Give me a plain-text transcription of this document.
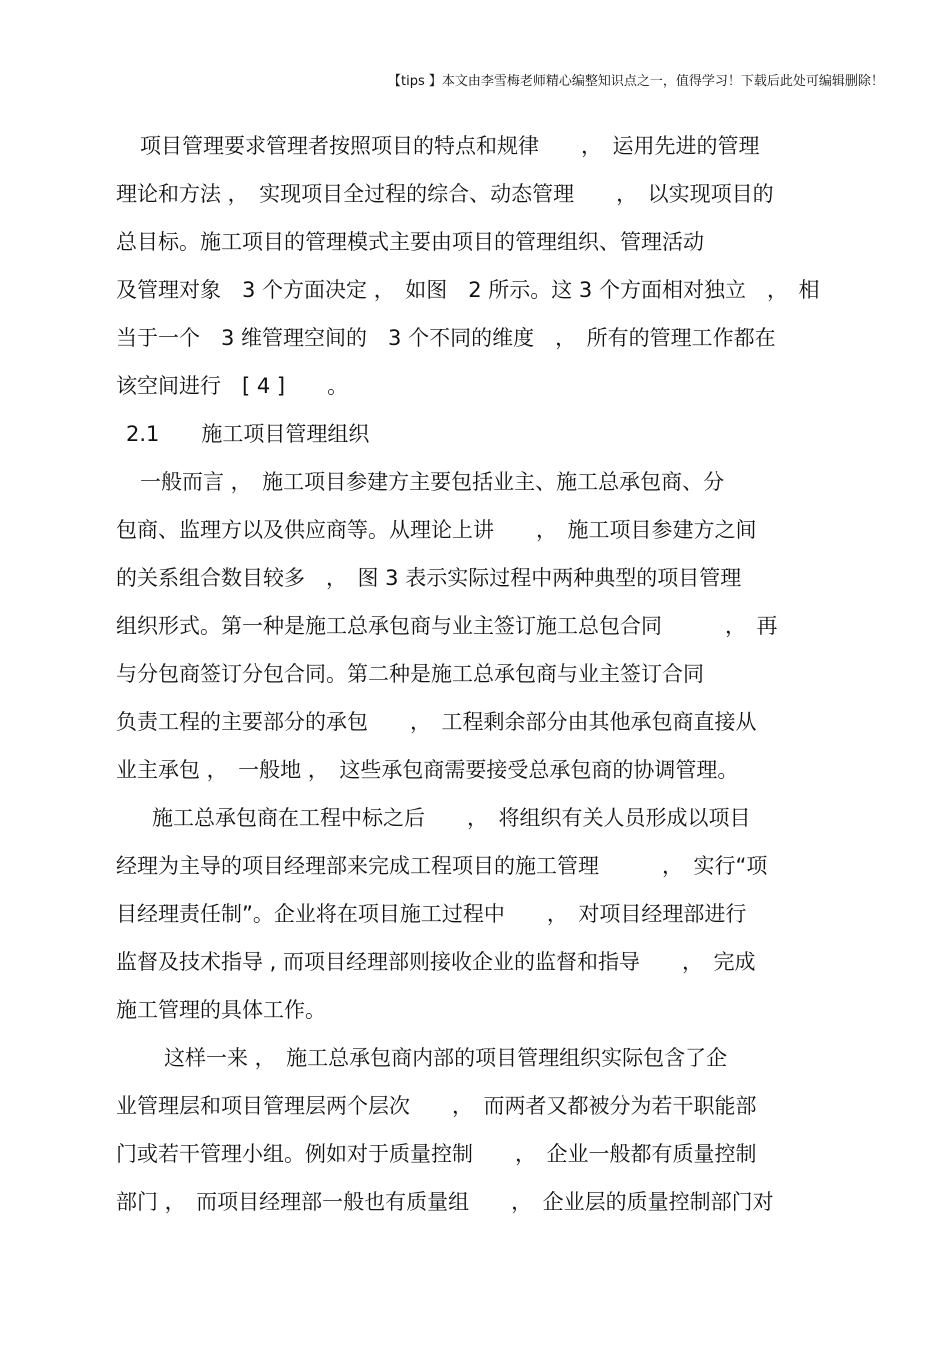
【tips 】本文由李雪梅老师精心编整知识点之一，值得学习！下载后此处可编辑删除！
项目管理要求管理者按照项目的特点和规律　　，　运用先进的管理
理论和方法 ，　实现项目全过程的综合、动态管理　　，　以实现项目的
总目标。施工项目的管理模式主要由项目的管理组织、管理活动
及管理对象　3 个方面决定 ，　如图　2 所示。这 3 个方面相对独立　，　相
当于一个　3 维管理空间的　3 个不同的维度　，　所有的管理工作都在
该空间进行　[ 4 ]　　。
2.1　　施工项目管理组织
一般而言 ，　施工项目参建方主要包括业主、施工总承包商、分
包商、监理方以及供应商等。从理论上讲　　，　施工项目参建方之间
的关系组合数目较多　，　图 3 表示实际过程中两种典型的项目管理
组织形式。第一种是施工总承包商与业主签订施工总包合同　　　，　再
与分包商签订分包合同。第二种是施工总承包商与业主签订合同
负责工程的主要部分的承包　　，　工程剩余部分由其他承包商直接从
业主承包 ，　一般地 ，　这些承包商需要接受总承包商的协调管理。
施工总承包商在工程中标之后　　，　将组织有关人员形成以项目
经理为主导的项目经理部来完成工程项目的施工管理　　　，　实行“项
目经理责任制”。企业将在项目施工过程中　　，　对项目经理部进行
监督及技术指导 , 而项目经理部则接收企业的监督和指导　　，　完成
施工管理的具体工作。
这样一来 ，　施工总承包商内部的项目管理组织实际包含了企
业管理层和项目管理层两个层次　　，　而两者又都被分为若干职能部
门或若干管理小组。例如对于质量控制　　，　企业一般都有质量控制
部门 ，　而项目经理部一般也有质量组　　，　企业层的质量控制部门对
